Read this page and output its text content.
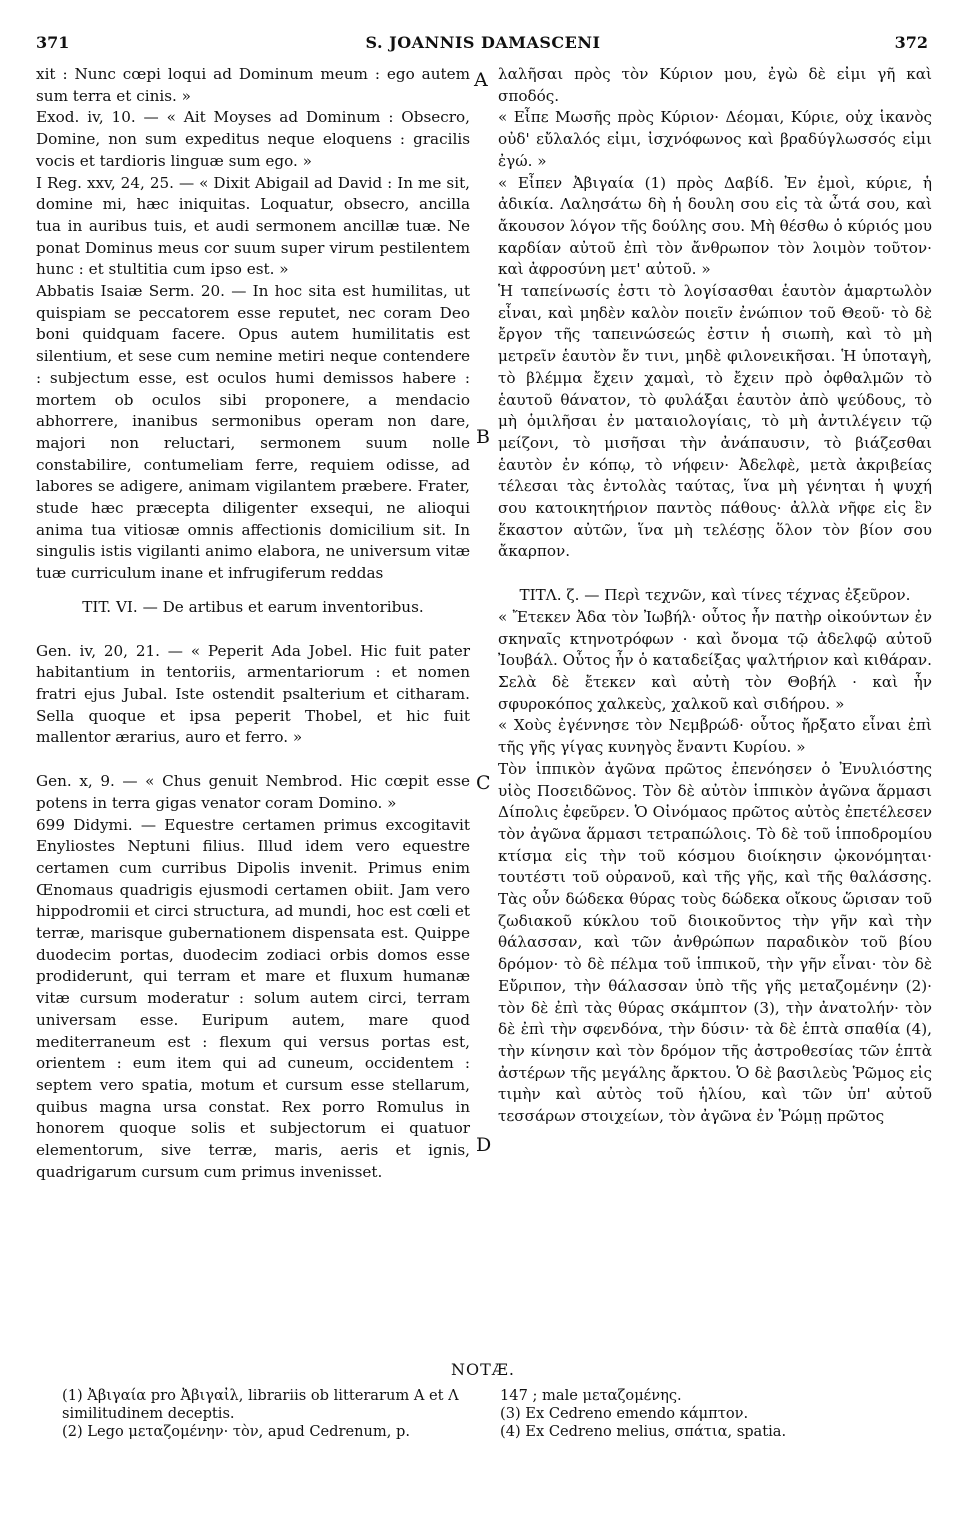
371	S. JOANNIS DAMASCENI	372

xit : Nunc cœpi loqui ad Dominum meum : ego autem sum terra et cinis. »

Exod. iv, 10. — « Ait Moyses ad Dominum : Obsecro, Domine, non sum expeditus neque eloquens : gracilis vocis et tardioris linguæ sum ego. »

I Reg. xxv, 24, 25. — « Dixit Abigail ad David : In me sit, domine mi, hæc iniquitas. Loquatur, obsecro, ancilla tua in auribus tuis, et audi sermonem ancillæ tuæ. Ne ponat Dominus meus cor suum super virum pestilentem hunc : et stultitia cum ipso est. »

Abbatis Isaiæ Serm. 20. — In hoc sita est humilitas, ut quispiam se peccatorem esse reputet, nec coram Deo boni quidquam facere. Opus autem humilitatis est silentium, et sese cum nemine metiri neque contendere : subjectum esse, est oculos humi demissos habere : mortem ob oculos sibi proponere, a mendacio abhorrere, inanibus sermonibus operam non dare, majori non reluctari, sermonem suum nolle constabilire, contumeliam ferre, requiem odisse, ad labores se adigere, animam vigilantem præbere. Frater, stude hæc præcepta diligenter exsequi, ne alioqui anima tua vitiosæ omnis affectionis domicilium sit. In singulis istis vigilanti animo elabora, ne universum vitæ tuæ curriculum inane et infrugiferum reddas

TIT. VI. — De artibus et earum inventoribus.

Gen. iv, 20, 21. — « Peperit Ada Jobel. Hic fuit pater habitantium in tentoriis, armentariorum : et nomen fratri ejus Jubal. Iste ostendit psalterium et citharam. Sella quoque et ipsa peperit Thobel, et hic fuit mallentor ærarius, auro et ferro. »

Gen. x, 9. — « Chus genuit Nembrod. Hic cœpit esse potens in terra gigas venator coram Domino. »

699 Didymi. — Equestre certamen primus excogitavit Enyliostes Neptuni filius. Illud idem vero equestre certamen cum curribus Dipolis invenit. Primus enim Œnomaus quadrigis ejusmodi certamen obiit. Jam vero hippodromii et circi structura, ad mundi, hoc est cœli et terræ, marisque gubernationem dispensata est. Quippe duodecim portas, duodecim zodiaci orbis domos esse prodiderunt, qui terram et mare et fluxum humanæ vitæ cursum moderatur : solum autem circi, terram universam esse. Euripum autem, mare quod mediterraneum est : flexum qui versus portas est, orientem : eum item qui ad cuneum, occidentem : septem vero spatia, motum et cursum esse stellarum, quibus magna ursa constat. Rex porro Romulus in honorem quoque solis et subjectorum ei quatuor elementorum, sive terræ, maris, aeris et ignis, quadrigarum cursum cum primus invenisset.

λαλῆσαι πρὸς τὸν Κύριον μου, ἐγὼ δὲ εἰμι γῆ καὶ σποδός.

« Εἶπε Μωσῆς πρὸς Κύριον· Δέομαι, Κύριε, οὐχ ἱκανὸς οὐδ' εὔλαλός εἰμι, ἰσχνόφωνος καὶ βραδύγλωσσός εἰμι ἐγώ. »

« Εἶπεν Ἀβιγαία (1) πρὸς Δαβίδ. Ἐν ἐμοὶ, κύριε, ἡ ἀδικία. Λαλησάτω δὴ ἡ δουλη σου εἰς τὰ ὦτά σου, καὶ ἄκουσον λόγον τῆς δούλης σου. Μὴ θέσθω ὁ κύριός μου καρδίαν αὐτοῦ ἐπὶ τὸν ἄνθρωπον τὸν λοιμὸν τοῦτον· καὶ ἀφροσύνη μετ' αὐτοῦ. »

Ἡ ταπείνωσίς ἐστι τὸ λογίσασθαι ἑαυτὸν ἁμαρτωλὸν εἶναι, καὶ μηδὲν καλὸν ποιεῖν ἐνώπιον τοῦ Θεοῦ· τὸ δὲ ἔργον τῆς ταπεινώσεώς ἐστιν ἡ σιωπὴ, καὶ τὸ μὴ μετρεῖν ἑαυτὸν ἔν τινι, μηδὲ φιλονεικῆσαι. Ἡ ὑποταγὴ, τὸ βλέμμα ἔχειν χαμαὶ, τὸ ἔχειν πρὸ ὀφθαλμῶν τὸ ἑαυτοῦ θάνατον, τὸ φυλάξαι ἑαυτὸν ἀπὸ ψεύδους, τὸ μὴ ὁμιλῆσαι ἐν ματαιολογίαις, τὸ μὴ ἀντιλέγειν τῷ μείζονι, τὸ μισῆσαι τὴν ἀνάπαυσιν, τὸ βιάζεσθαι ἑαυτὸν ἐν κόπῳ, τὸ νήφειν· Ἀδελφὲ, μετὰ ἀκριβείας τέλεσαι τὰς ἐντολὰς ταύτας, ἵνα μὴ γένηται ἡ ψυχή σου κατοικητήριον παντὸς πάθους· ἀλλὰ νῆφε εἰς ἓν ἕκαστον αὐτῶν, ἵνα μὴ τελέσῃς ὅλον τὸν βίον σου ἄκαρπον.

ΤΙΤΛ. ζ. — Περὶ τεχνῶν, καὶ τίνες τέχνας ἐξεῦρον.

« Ἔτεκεν Ἀδα τὸν Ἰωβήλ· οὗτος ἦν πατὴρ οἰκούντων ἐν σκηναῖς κτηνοτρόφων · καὶ ὄνομα τῷ ἀδελφῷ αὐτοῦ Ἰουβάλ. Οὗτος ἦν ὁ καταδείξας ψαλτήριον καὶ κιθάραν. Σελὰ δὲ ἔτεκεν καὶ αὐτὴ τὸν Θοβήλ · καὶ ἦν σφυροκόπος χαλκεὺς, χαλκοῦ καὶ σιδήρου. »

« Χοὺς ἐγέννησε τὸν Νεμβρώδ· οὗτος ἤρξατο εἶναι ἐπὶ τῆς γῆς γίγας κυνηγὸς ἔναντι Κυρίου. »

Τὸν ἱππικὸν ἀγῶνα πρῶτος ἐπενόησεν ὁ Ἐνυλιόστης υἱὸς Ποσειδῶνος. Τὸν δὲ αὐτὸν ἱππικὸν ἀγῶνα ἅρμασι Δίπολις ἐφεῦρεν. Ὁ Οἰνόμαος πρῶτος αὐτὸς ἐπετέλεσεν τὸν ἀγῶνα ἅρμασι τετραπώλοις. Τὸ δὲ τοῦ ἱπποδρομίου κτίσμα εἰς τὴν τοῦ κόσμου διοίκησιν ᾠκονόμηται· τουτέστι τοῦ οὐρανοῦ, καὶ τῆς γῆς, καὶ τῆς θαλάσσης. Τὰς οὖν δώδεκα θύρας τοὺς δώδεκα οἴκους ὥρισαν τοῦ ζωδιακοῦ κύκλου τοῦ διοικοῦντος τὴν γῆν καὶ τὴν θάλασσαν, καὶ τῶν ἀνθρώπων παραδικὸν τοῦ βίου δρόμον· τὸ δὲ πέλμα τοῦ ἱππικοῦ, τὴν γῆν εἶναι· τὸν δὲ Εὔριπον, τὴν θάλασσαν ὑπὸ τῆς γῆς μεταζομένην (2)· τὸν δὲ ἐπὶ τὰς θύρας σκάμπτον (3), τὴν ἀνατολήν· τὸν δὲ ἐπὶ τὴν σφενδόνα, τὴν δύσιν· τὰ δὲ ἑπτὰ σπαθία (4), τὴν κίνησιν καὶ τὸν δρόμον τῆς ἀστροθεσίας τῶν ἑπτὰ ἀστέρων τῆς μεγάλης ἄρκτου. Ὁ δὲ βασιλεὺς Ῥῶμος εἰς τιμὴν καὶ αὐτὸς τοῦ ἡλίου, καὶ τῶν ὑπ' αὐτοῦ τεσσάρων στοιχείων, τὸν ἀγῶνα ἐν Ῥώμῃ πρῶτος

A
B
C
D
NOTÆ.

(1) Ἀβιγαία pro Ἀβιγαἰλ, librariis ob litterarum A et Λ similitudinem deceptis.

(2) Lego μεταζομένην· τὸν, apud Cedrenum, p.

147 ; male μεταζομένης.

(3) Ex Cedreno emendo κάμπτον.

(4) Ex Cedreno melius, σπάτια, spatia.
